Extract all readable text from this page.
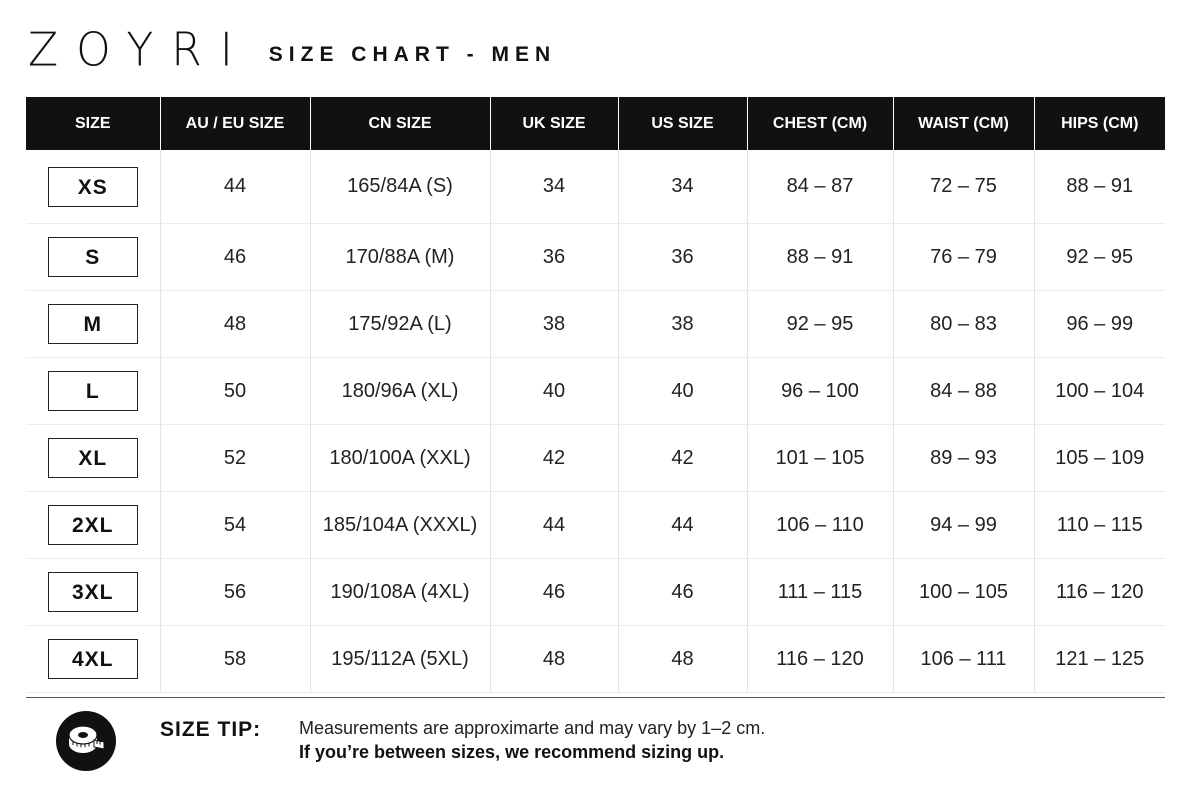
ZOYRI SIZE CHART - MEN
SIZE	AU / EU SIZE	CN SIZE	UK SIZE	US SIZE	CHEST (CM)	WAIST (CM)	HIPS (CM)
XS	44	165/84A (S)	34	34	84 – 87	72 – 75	88 – 91
S	46	170/88A (M)	36	36	88 – 91	76 – 79	92 – 95
M	48	175/92A (L)	38	38	92 – 95	80 – 83	96 – 99
L	50	180/96A (XL)	40	40	96 – 100	84 – 88	100 – 104
XL	52	180/100A (XXL)	42	42	101 – 105	89 – 93	105 – 109
2XL	54	185/104A (XXXL)	44	44	106 – 110	94 – 99	110 – 115
3XL	56	190/108A (4XL)	46	46	111 – 115	100 – 105	116 – 120
4XL	58	195/112A (5XL)	48	48	116 – 120	106 – 111	121 – 125
SIZE TIP: Measurements are approximarte and may vary by 1–2 cm.
If you’re between sizes, we recommend sizing up.
